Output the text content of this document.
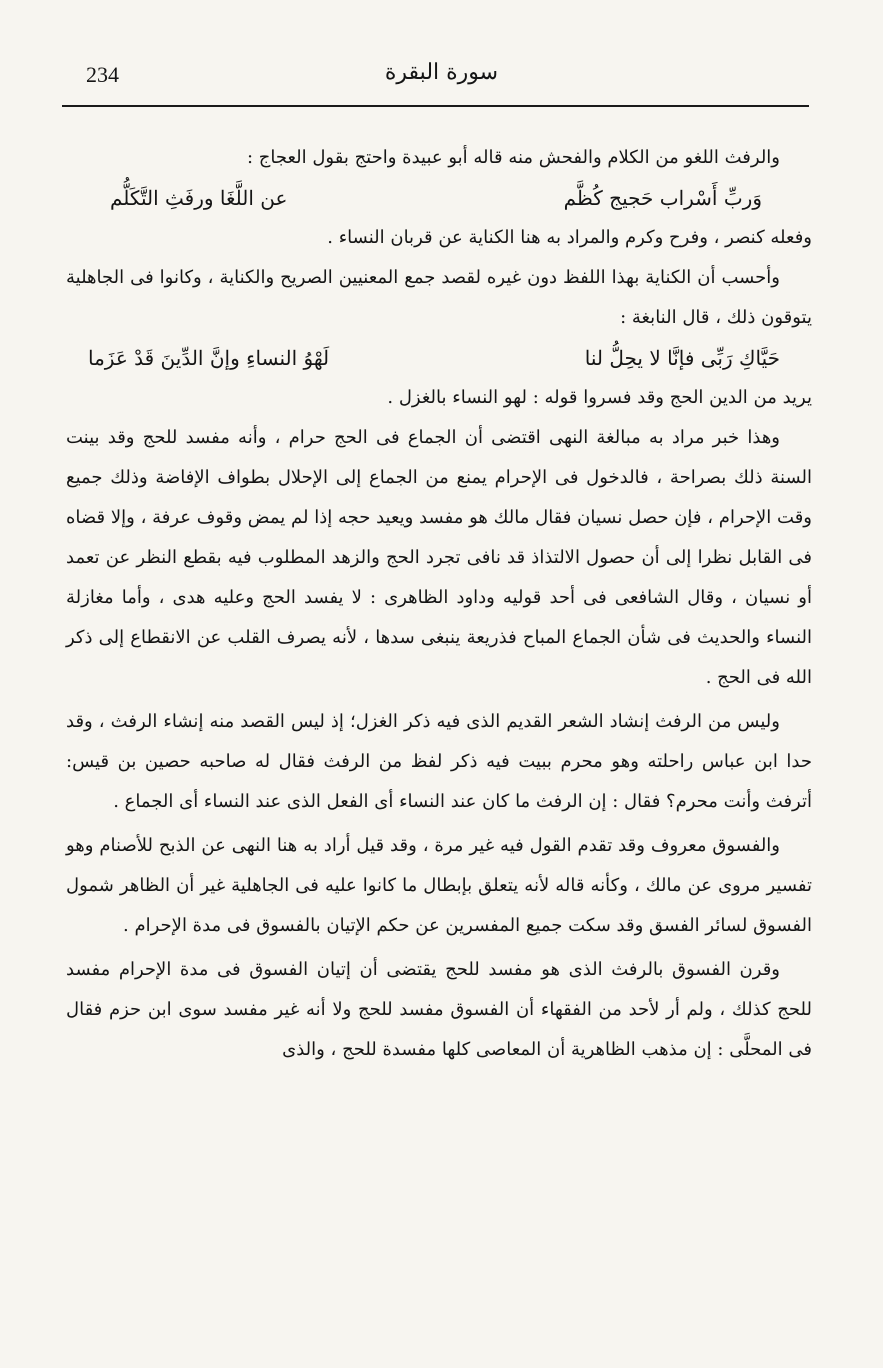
234	سورة البقرة

والرفث اللغو من الكلام والفحش منه قاله أبو عبيدة واحتج بقول العجاج :

وَربِّ أَسْراب حَجيج كُظَّم
عن اللَّغَا ورفَثِ التَّكَلُّم

وفعله كنصر ، وفرح وكرم والمراد به هنا الكناية عن قربان النساء .

وأحسب أن الكناية بهذا اللفظ دون غيره لقصد جمع المعنيين الصريح والكناية ، وكانوا فى الجاهلية يتوقون ذلك ، قال النابغة :

حَيَّاكِ رَبِّى فإنَّا لا يحِلُّ لنا
لَهْوُ النساءِ وإنَّ الدِّينَ قَدْ عَزَما

يريد من الدين الحج وقد فسروا قوله : لهو النساء بالغزل .

وهذا خبر مراد به مبالغة النهى اقتضى أن الجماع فى الحج حرام ، وأنه مفسد للحج وقد بينت السنة ذلك بصراحة ، فالدخول فى الإحرام يمنع من الجماع إلى الإحلال بطواف الإفاضة وذلك جميع وقت الإحرام ، فإن حصل نسيان فقال مالك هو مفسد ويعيد حجه إذا لم يمض وقوف عرفة ، وإلا قضاه فى القابل نظرا إلى أن حصول الالتذاذ قد نافى تجرد الحج والزهد المطلوب فيه بقطع النظر عن تعمد أو نسيان ، وقال الشافعى فى أحد قوليه وداود الظاهرى : لا يفسد الحج وعليه هدى ، وأما مغازلة النساء والحديث فى شأن الجماع المباح فذريعة ينبغى سدها ، لأنه يصرف القلب عن الانقطاع إلى ذكر الله فى الحج .

وليس من الرفث إنشاد الشعر القديم الذى فيه ذكر الغزل؛ إذ ليس القصد منه إنشاء الرفث ، وقد حدا ابن عباس راحلته وهو محرم ببيت فيه ذكر لفظ من الرفث فقال له صاحبه حصين بن قيس: أترفث وأنت محرم؟ فقال : إن الرفث ما كان عند النساء أى الفعل الذى عند النساء أى الجماع .

والفسوق معروف وقد تقدم القول فيه غير مرة ، وقد قيل أراد به هنا النهى عن الذبح للأصنام وهو تفسير مروى عن مالك ، وكأنه قاله لأنه يتعلق بإبطال ما كانوا عليه فى الجاهلية غير أن الظاهر شمول الفسوق لسائر الفسق وقد سكت جميع المفسرين عن حكم الإتيان بالفسوق فى مدة الإحرام .

وقرن الفسوق بالرفث الذى هو مفسد للحج يقتضى أن إتيان الفسوق فى مدة الإحرام مفسد للحج كذلك ، ولم أر لأحد من الفقهاء أن الفسوق مفسد للحج ولا أنه غير مفسد سوى ابن حزم فقال فى المحلَّى : إن مذهب الظاهرية أن المعاصى كلها مفسدة للحج ، والذى
